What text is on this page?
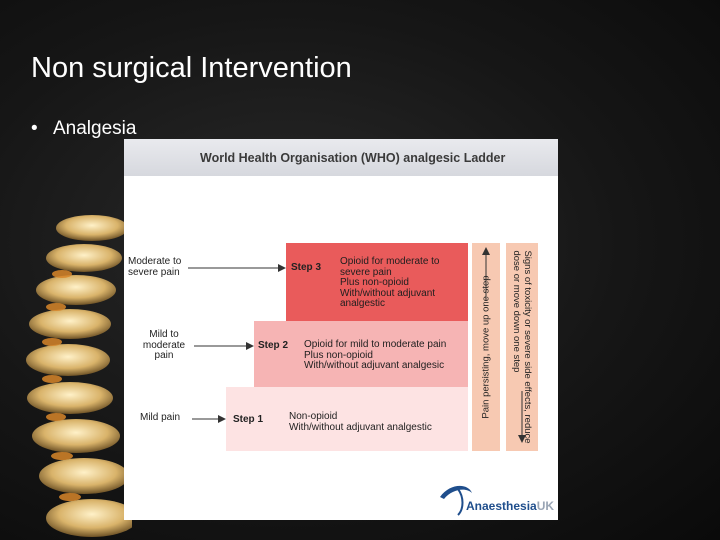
Non surgical Intervention
• Analgesia
World Health Organisation (WHO) analgesic Ladder
Step 3
Opioid for moderate to
severe pain
Plus non-opioid
With/without adjuvant
analgestic
Step 2 Opioid for mild to moderate pain
Plus non-opioid
With/without adjuvant analgesic
Step 1	Non-opioid
With/without adjuvant analgestic
Moderate to
severe pain
Mild to
moderate
pain
Mild pain	Pain persisting, move up one step	Signs of toxicity or severe side effects, reduce
dose or move down one step
AnaesthesiaUK
